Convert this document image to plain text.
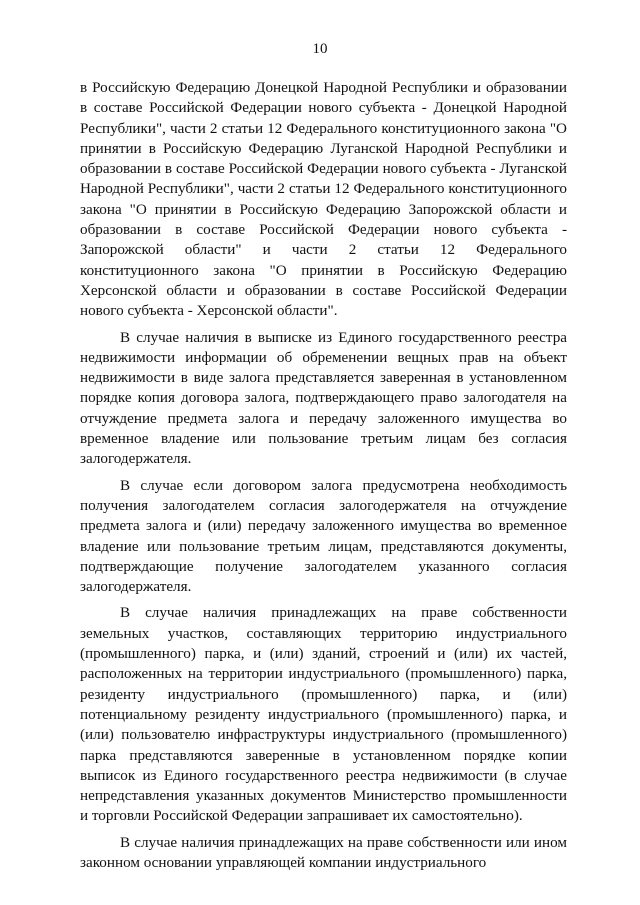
10

в Российскую Федерацию Донецкой Народной Республики и образовании в составе Российской Федерации нового субъекта - Донецкой Народной Республики", части 2 статьи 12 Федерального конституционного закона "О принятии в Российскую Федерацию Луганской Народной Республики и образовании в составе Российской Федерации нового субъекта - Луганской Народной Республики", части 2 статьи 12 Федерального конституционного закона "О принятии в Российскую Федерацию Запорожской области и образовании в составе Российской Федерации нового субъекта - Запорожской области" и части 2 статьи 12 Федерального конституционного закона "О принятии в Российскую Федерацию Херсонской области и образовании в составе Российской Федерации нового субъекта - Херсонской области".

В случае наличия в выписке из Единого государственного реестра недвижимости информации об обременении вещных прав на объект недвижимости в виде залога представляется заверенная в установленном порядке копия договора залога, подтверждающего право залогодателя на отчуждение предмета залога и передачу заложенного имущества во временное владение или пользование третьим лицам без согласия залогодержателя.

В случае если договором залога предусмотрена необходимость получения залогодателем согласия залогодержателя на отчуждение предмета залога и (или) передачу заложенного имущества во временное владение или пользование третьим лицам, представляются документы, подтверждающие получение залогодателем указанного согласия залогодержателя.

В случае наличия принадлежащих на праве собственности земельных участков, составляющих территорию индустриального (промышленного) парка, и (или) зданий, строений и (или) их частей, расположенных на территории индустриального (промышленного) парка, резиденту индустриального (промышленного) парка, и (или) потенциальному резиденту индустриального (промышленного) парка, и (или) пользователю инфраструктуры индустриального (промышленного) парка представляются заверенные в установленном порядке копии выписок из Единого государственного реестра недвижимости (в случае непредставления указанных документов Министерство промышленности и торговли Российской Федерации запрашивает их самостоятельно).

В случае наличия принадлежащих на праве собственности или ином законном основании управляющей компании индустриального
